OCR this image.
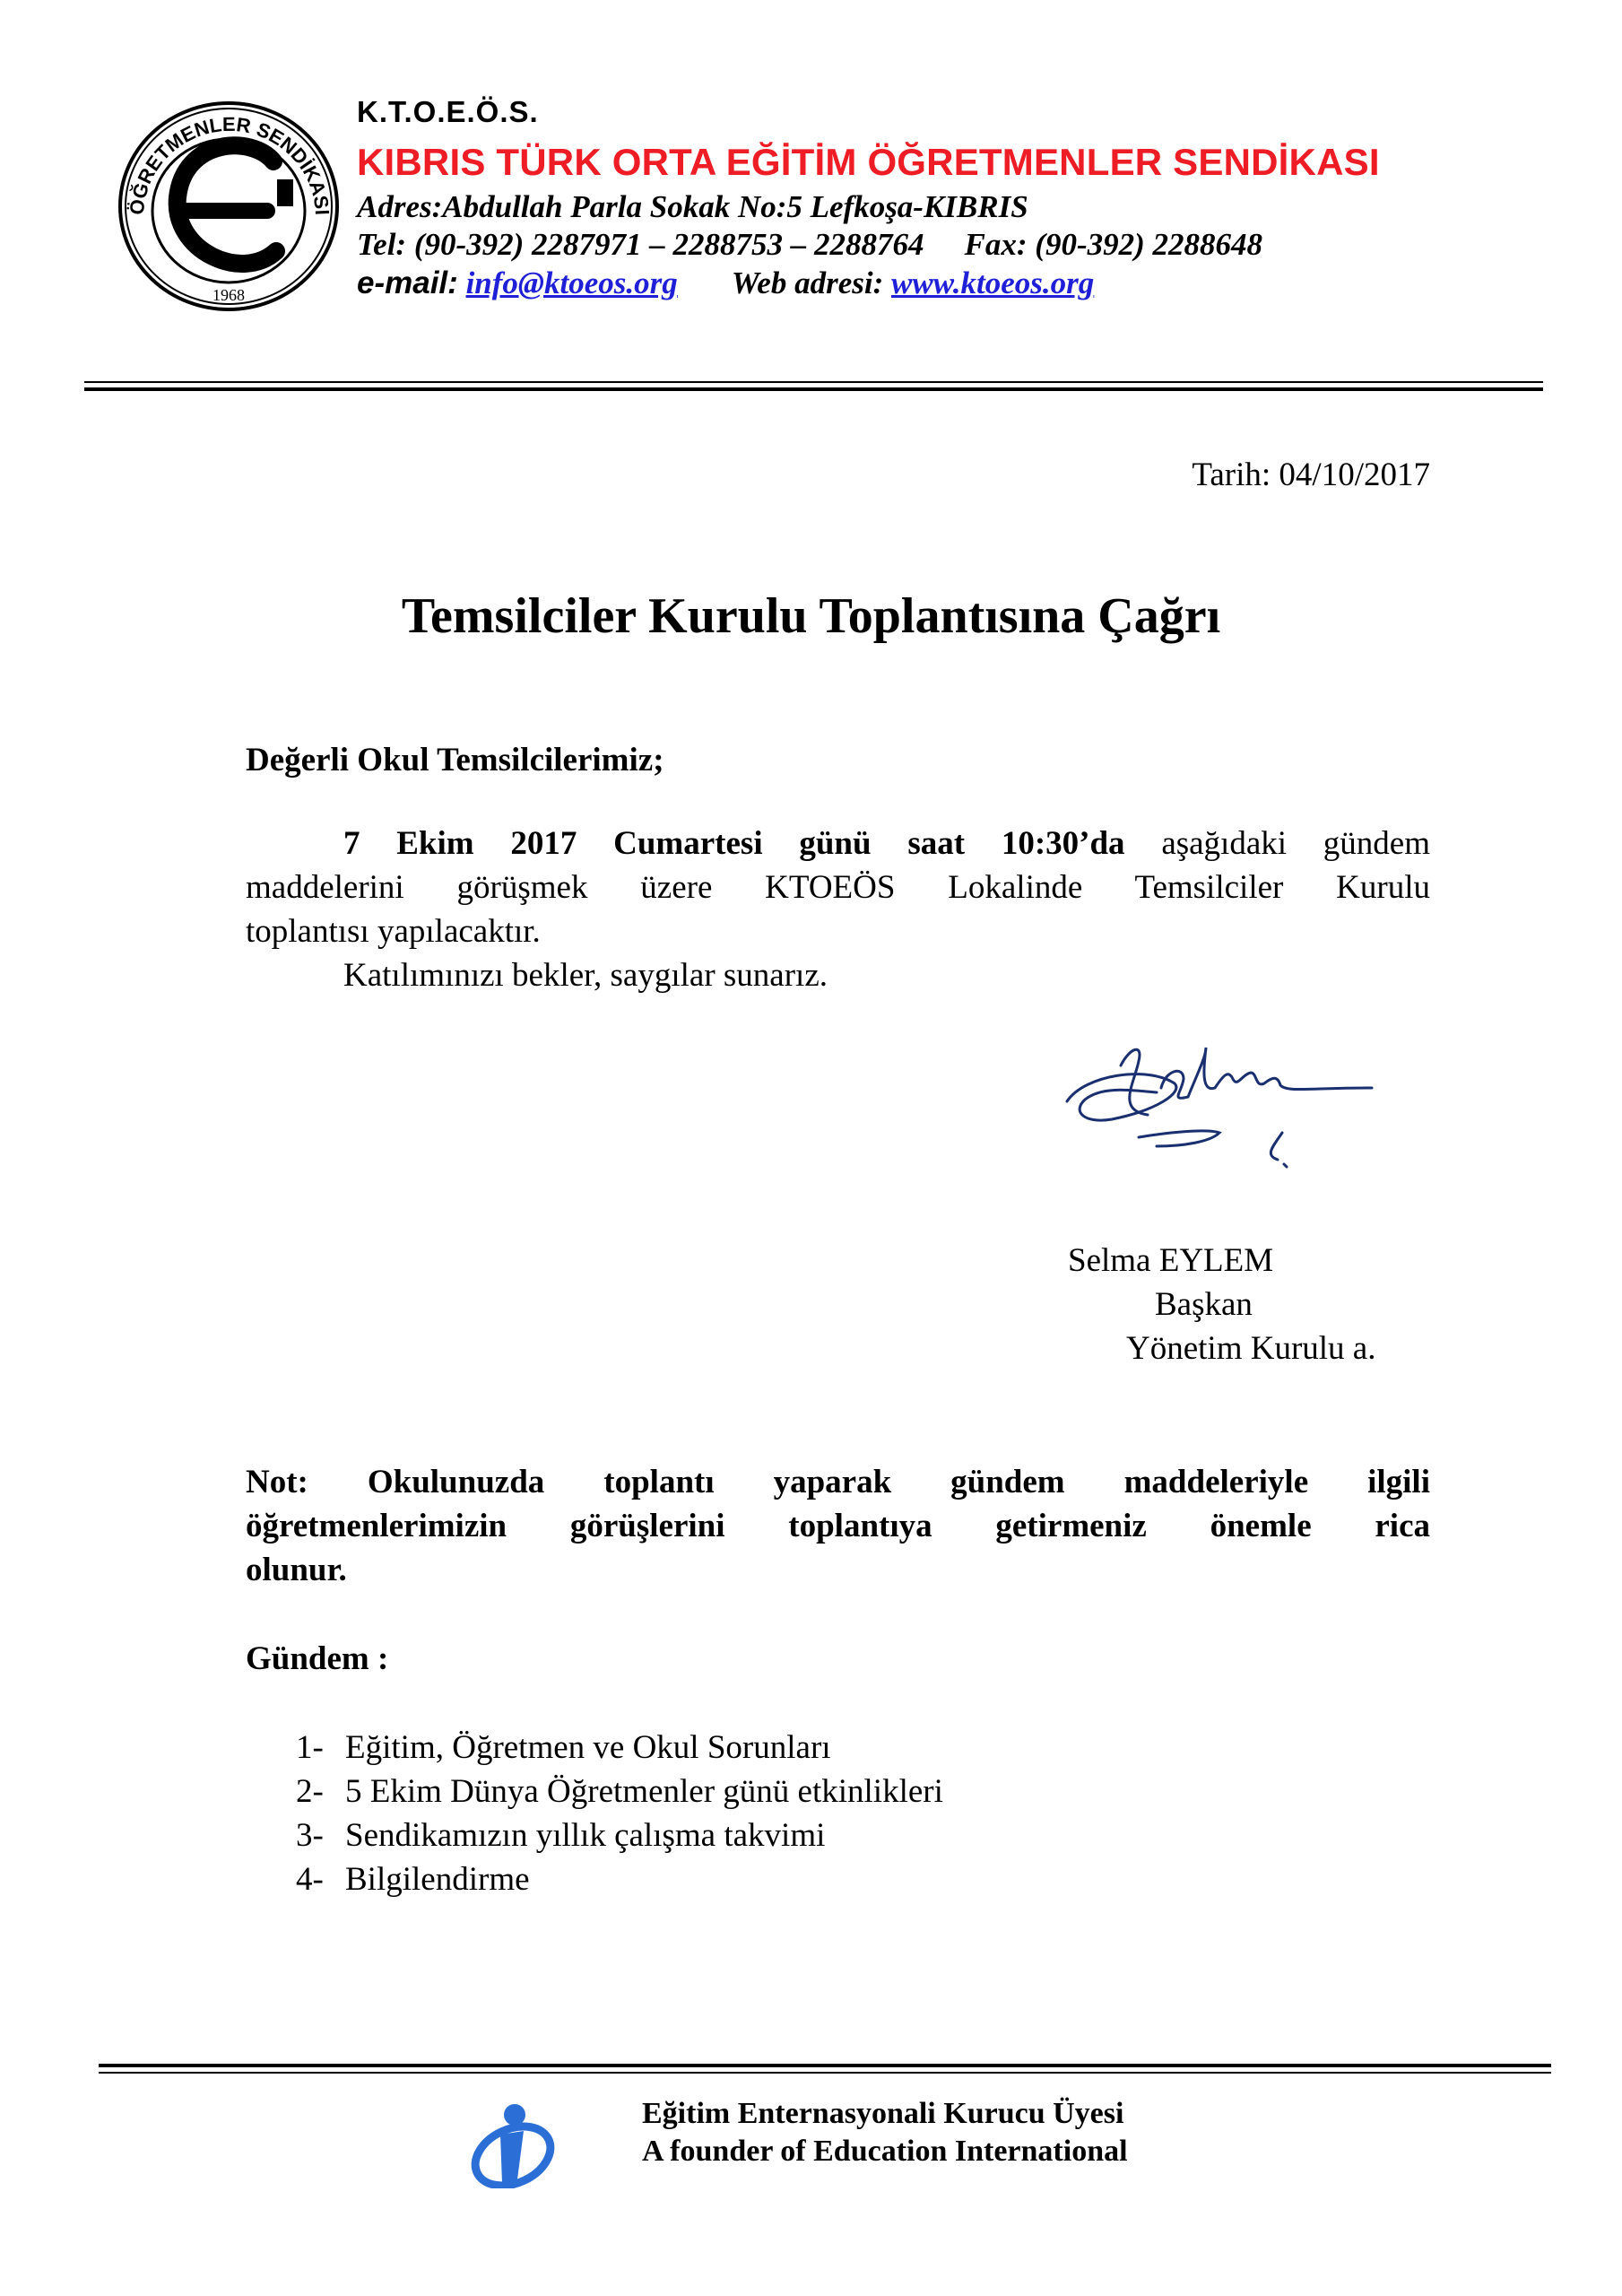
ÖĞRETMENLER SENDİKASI
1968
K.T.O.E.Ö.S.
KIBRIS TÜRK ORTA EĞİTİM ÖĞRETMENLER SENDİKASI
Adres:Abdullah Parla Sokak No:5 Lefkoşa-KIBRIS
Tel: (90-392) 2287971 – 2288753 – 2288764 Fax: (90-392) 2288648
e-mail: info@ktoeos.org Web adresi: www.ktoeos.org
Tarih: 04/10/2017
Temsilciler Kurulu Toplantısına Çağrı
Değerli Okul Temsilcilerimiz;
7 Ekim 2017 Cumartesi günü saat 10:30’da aşağıdaki gündem
maddelerini görüşmek üzere KTOEÖS Lokalinde Temsilciler Kurulu
toplantısı yapılacaktır.
Katılımınızı bekler, saygılar sunarız.
Selma EYLEM
Başkan
Yönetim Kurulu a.
Not: Okulunuzda toplantı yaparak gündem maddeleriyle ilgili
öğretmenlerimizin görüşlerini toplantıya getirmeniz önemle rica
olunur.
Gündem :
1- Eğitim, Öğretmen ve Okul Sorunları
2- 5 Ekim Dünya Öğretmenler günü etkinlikleri
3- Sendikamızın yıllık çalışma takvimi
4- Bilgilendirme
Eğitim Enternasyonali Kurucu Üyesi
A founder of Education International
